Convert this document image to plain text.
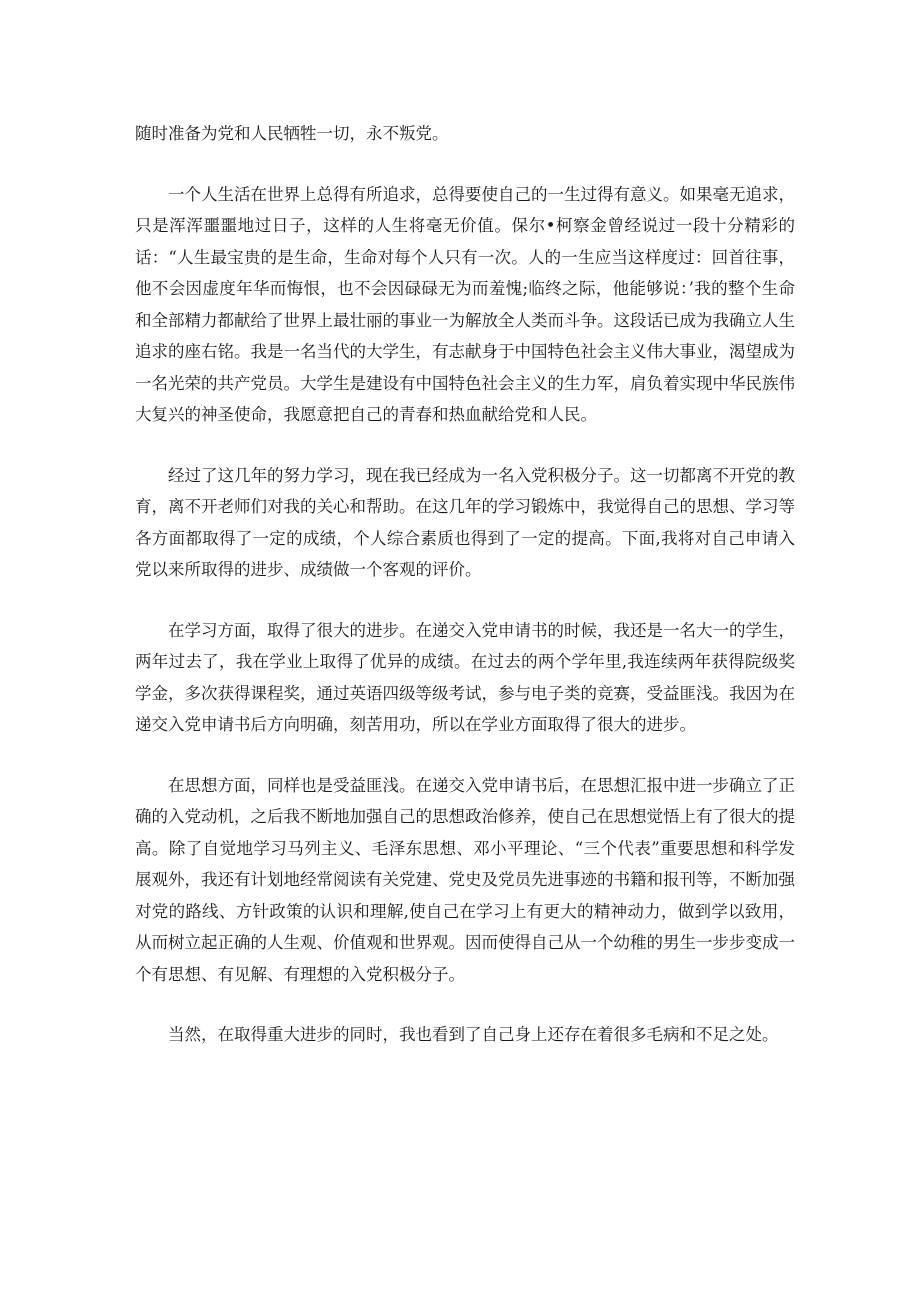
随时准备为党和人民牺牲一切，永不叛党。

一个人生活在世界上总得有所追求，总得要使自己的一生过得有意义。如果毫无追求，只是浑浑噩噩地过日子，这样的人生将毫无价值。保尔•柯察金曾经说过一段十分精彩的话：“人生最宝贵的是生命，生命对每个人只有一次。人的一生应当这样度过：回首往事，他不会因虚度年华而悔恨，也不会因碌碌无为而羞愧;临终之际，他能够说：’我的整个生命和全部精力都献给了世界上最壮丽的事业一为解放全人类而斗争。这段话已成为我确立人生追求的座右铭。我是一名当代的大学生，有志献身于中国特色社会主义伟大事业，渴望成为一名光荣的共产党员。大学生是建设有中国特色社会主义的生力军，肩负着实现中华民族伟大复兴的神圣使命，我愿意把自己的青春和热血献给党和人民。

经过了这几年的努力学习，现在我已经成为一名入党积极分子。这一切都离不开党的教育，离不开老师们对我的关心和帮助。在这几年的学习锻炼中，我觉得自己的思想、学习等各方面都取得了一定的成绩，个人综合素质也得到了一定的提高。下面,我将对自己申请入党以来所取得的进步、成绩做一个客观的评价。

在学习方面，取得了很大的进步。在递交入党申请书的时候，我还是一名大一的学生，两年过去了，我在学业上取得了优异的成绩。在过去的两个学年里,我连续两年获得院级奖学金，多次获得课程奖，通过英语四级等级考试，参与电子类的竞赛，受益匪浅。我因为在递交入党申请书后方向明确，刻苦用功，所以在学业方面取得了很大的进步。

在思想方面，同样也是受益匪浅。在递交入党申请书后，在思想汇报中进一步确立了正确的入党动机，之后我不断地加强自己的思想政治修养，使自己在思想觉悟上有了很大的提高。除了自觉地学习马列主义、毛泽东思想、邓小平理论、“三个代表”重要思想和科学发展观外，我还有计划地经常阅读有关党建、党史及党员先进事迹的书籍和报刊等，不断加强对党的路线、方针政策的认识和理解,使自己在学习上有更大的精神动力，做到学以致用，从而树立起正确的人生观、价值观和世界观。因而使得自己从一个幼稚的男生一步步变成一个有思想、有见解、有理想的入党积极分子。

当然，在取得重大进步的同时，我也看到了自己身上还存在着很多毛病和不足之处。
